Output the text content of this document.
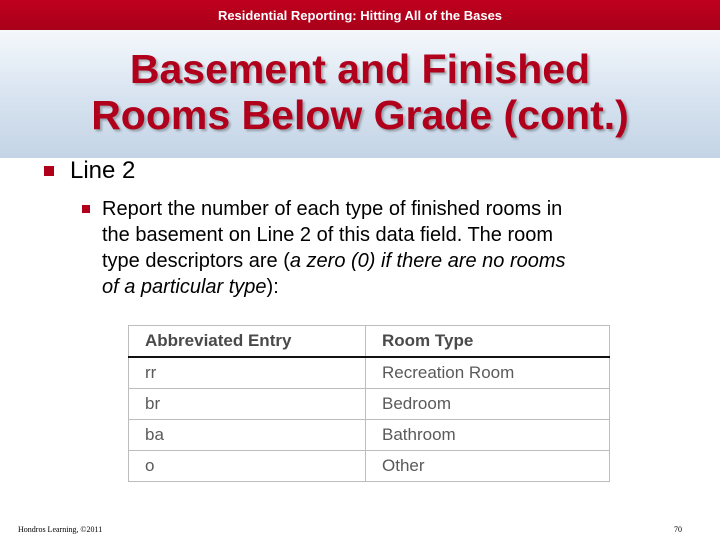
Residential Reporting: Hitting All of the Bases
Basement and Finished
Rooms Below Grade (cont.)
Line 2
Report the number of each type of finished rooms in
the basement on Line 2 of this data field. The room
type descriptors are (a zero (0) if there are no rooms
of a particular type):
Abbreviated Entry	Room Type
rr	Recreation Room
br	Bedroom
ba	Bathroom
o	Other
Hondros Learning, ©2011	70
